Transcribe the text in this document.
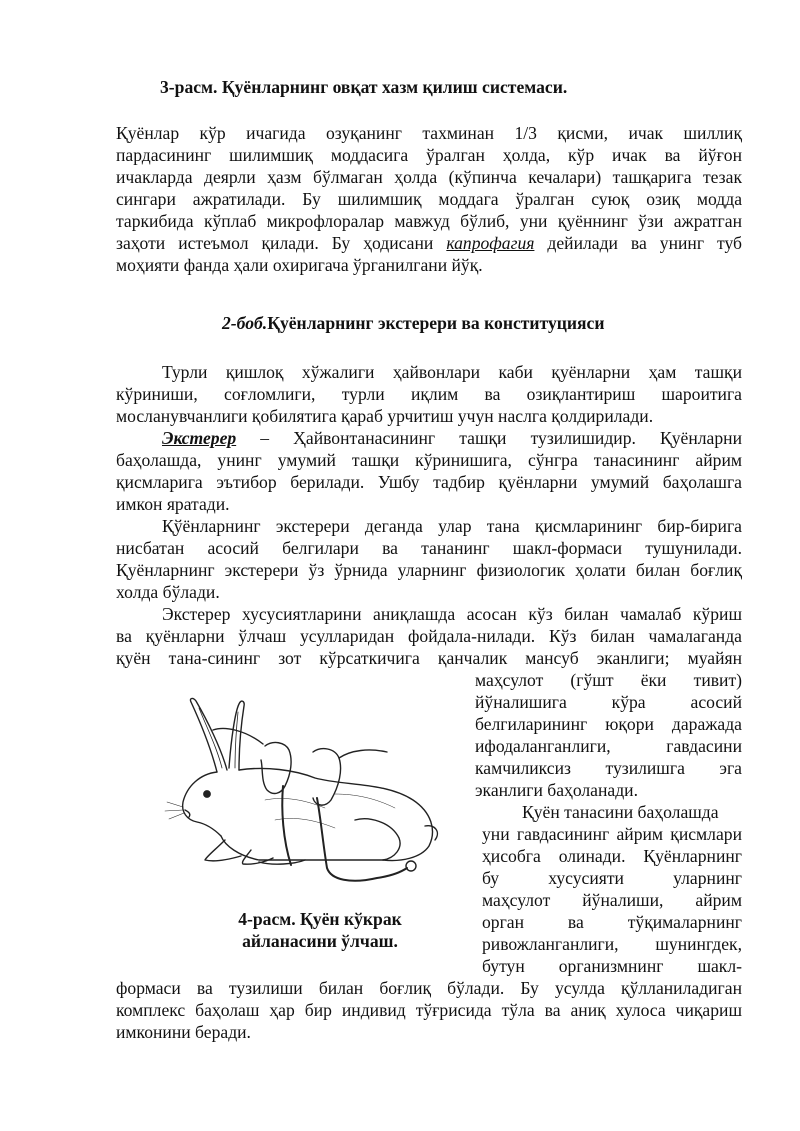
3-расм. Қуёнларнинг овқат хазм қилиш системаси.
Қуёнлар кўр ичагида озуқанинг тахминан 1/3 қисми, ичак шиллиқ
пардасининг шилимшиқ моддасига ўралган ҳолда, кўр ичак ва йўғон
ичакларда деярли ҳазм бўлмаган ҳолда (кўпинча кечалари) ташқарига тезак
сингари ажратилади. Бу шилимшиқ моддага ўралган суюқ озиқ модда
таркибида кўплаб микрофлоралар мавжуд бўлиб, уни қуённинг ўзи ажратган
заҳоти истеъмол қилади. Бу ҳодисани капрофагия дейилади ва унинг туб
моҳияти фанда ҳали охиригача ўрганилгани йўқ.
2-боб.Қуёнларнинг экстерери ва конституцияси
Турли қишлоқ хўжалиги ҳайвонлари каби қуёнларни ҳам ташқи
кўриниши, соғломлиги, турли иқлим ва озиқлантириш шароитига
мосланувчанлиги қобилятига қараб урчитиш учун наслга қолдирилади.
Экстерер – Ҳайвонтанасининг ташқи тузилишидир. Қуёнларни
баҳолашда, унинг умумий ташқи кўринишига, сўнгра танасининг айрим
қисмларига эътибор берилади. Ушбу тадбир қуёнларни умумий баҳолашга
имкон яратади.
Қўёнларнинг экстерери деганда улар тана қисмларининг бир-бирига
нисбатан асосий белгилари ва тананинг шакл-формаси тушунилади.
Қуёнларнинг экстерери ўз ўрнида уларнинг физиологик ҳолати билан боғлиқ
холда бўлади.
Экстерер хусусиятларини аниқлашда асосан кўз билан чамалаб кўриш
ва қуёнларни ўлчаш усулларидан фойдала-нилади. Кўз билан чамалаганда
қуён тана-сининг зот кўрсаткичига қанчалик мансуб эканлиги; муайян
маҳсулот (гўшт ёки тивит)
йўналишига кўра асосий
белгиларининг юқори даражада
ифодаланганлиги, гавдасини
камчиликсиз тузилишга эга
эканлиги баҳоланади.
Қуён танасини баҳолашда
уни гавдасининг айрим қисмлари
ҳисобга олинади. Қуёнларнинг
бу хусусияти уларнинг
маҳсулот йўналиши, айрим
орган ва тўқималарнинг
ривожланганлиги, шунингдек,
бутун организмнинг шакл-
формаси ва тузилиши билан боғлиқ бўлади. Бу усулда қўлланиладиган
комплекс баҳолаш ҳар бир индивид тўғрисида тўла ва аниқ хулоса чиқариш
имконини беради.
4-расм. Қуён кўкрак
айланасини ўлчаш.
